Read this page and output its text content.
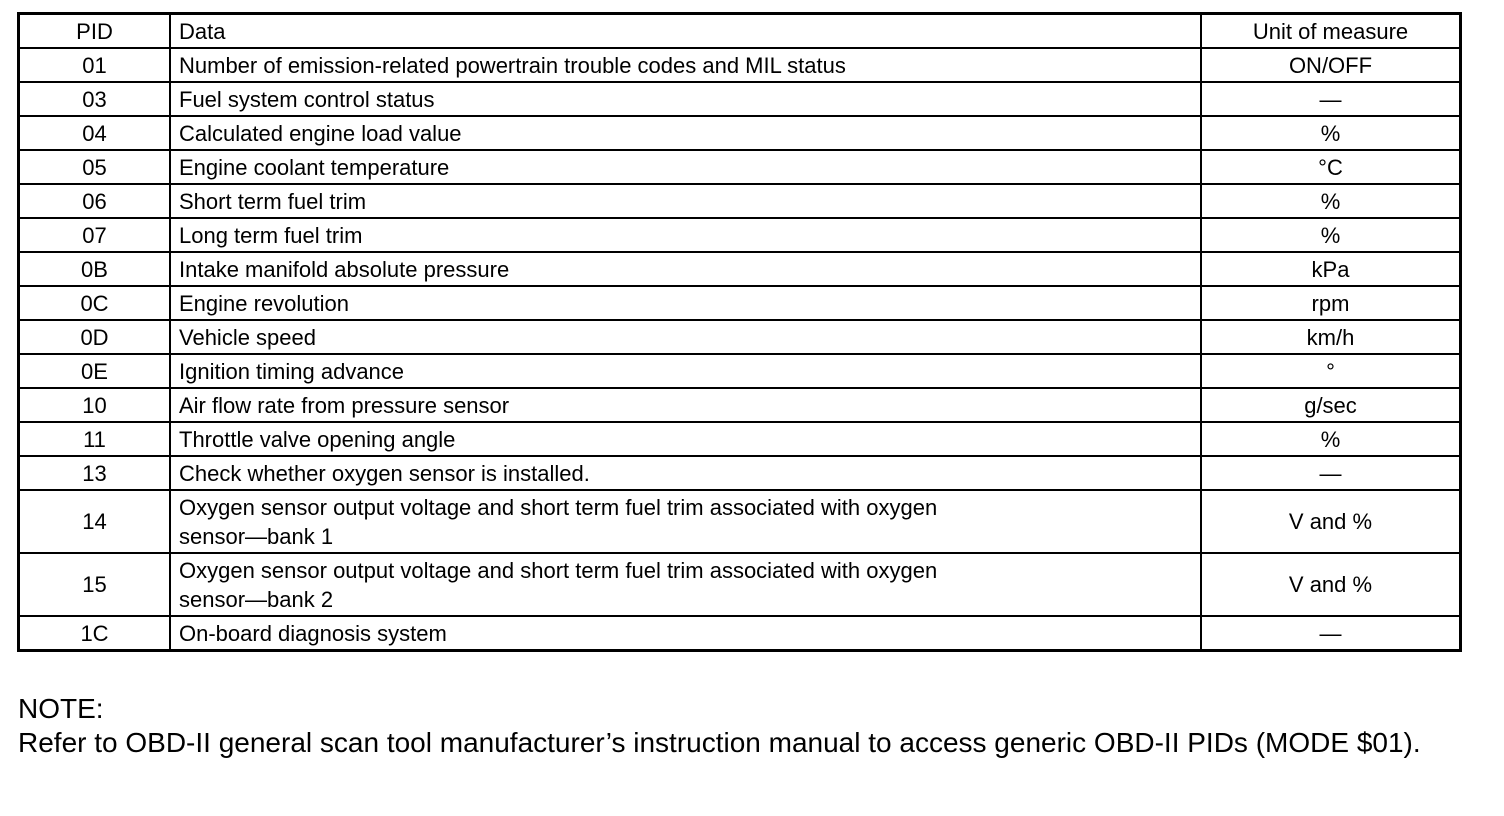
PID	Data	Unit of measure
01	Number of emission-related powertrain trouble codes and MIL status	ON/OFF
03	Fuel system control status	—
04	Calculated engine load value	%
05	Engine coolant temperature	°C
06	Short term fuel trim	%
07	Long term fuel trim	%
0B	Intake manifold absolute pressure	kPa
0C	Engine revolution	rpm
0D	Vehicle speed	km/h
0E	Ignition timing advance	°
10	Air flow rate from pressure sensor	g/sec
11	Throttle valve opening angle	%
13	Check whether oxygen sensor is installed.	—
14	Oxygen sensor output voltage and short term fuel trim associated with oxygen
sensor—bank 1	V and %
15	Oxygen sensor output voltage and short term fuel trim associated with oxygen
sensor—bank 2	V and %
1C	On-board diagnosis system	—
NOTE:
Refer to OBD-II general scan tool manufacturer’s instruction manual to access generic OBD-II PIDs (MODE $01).
